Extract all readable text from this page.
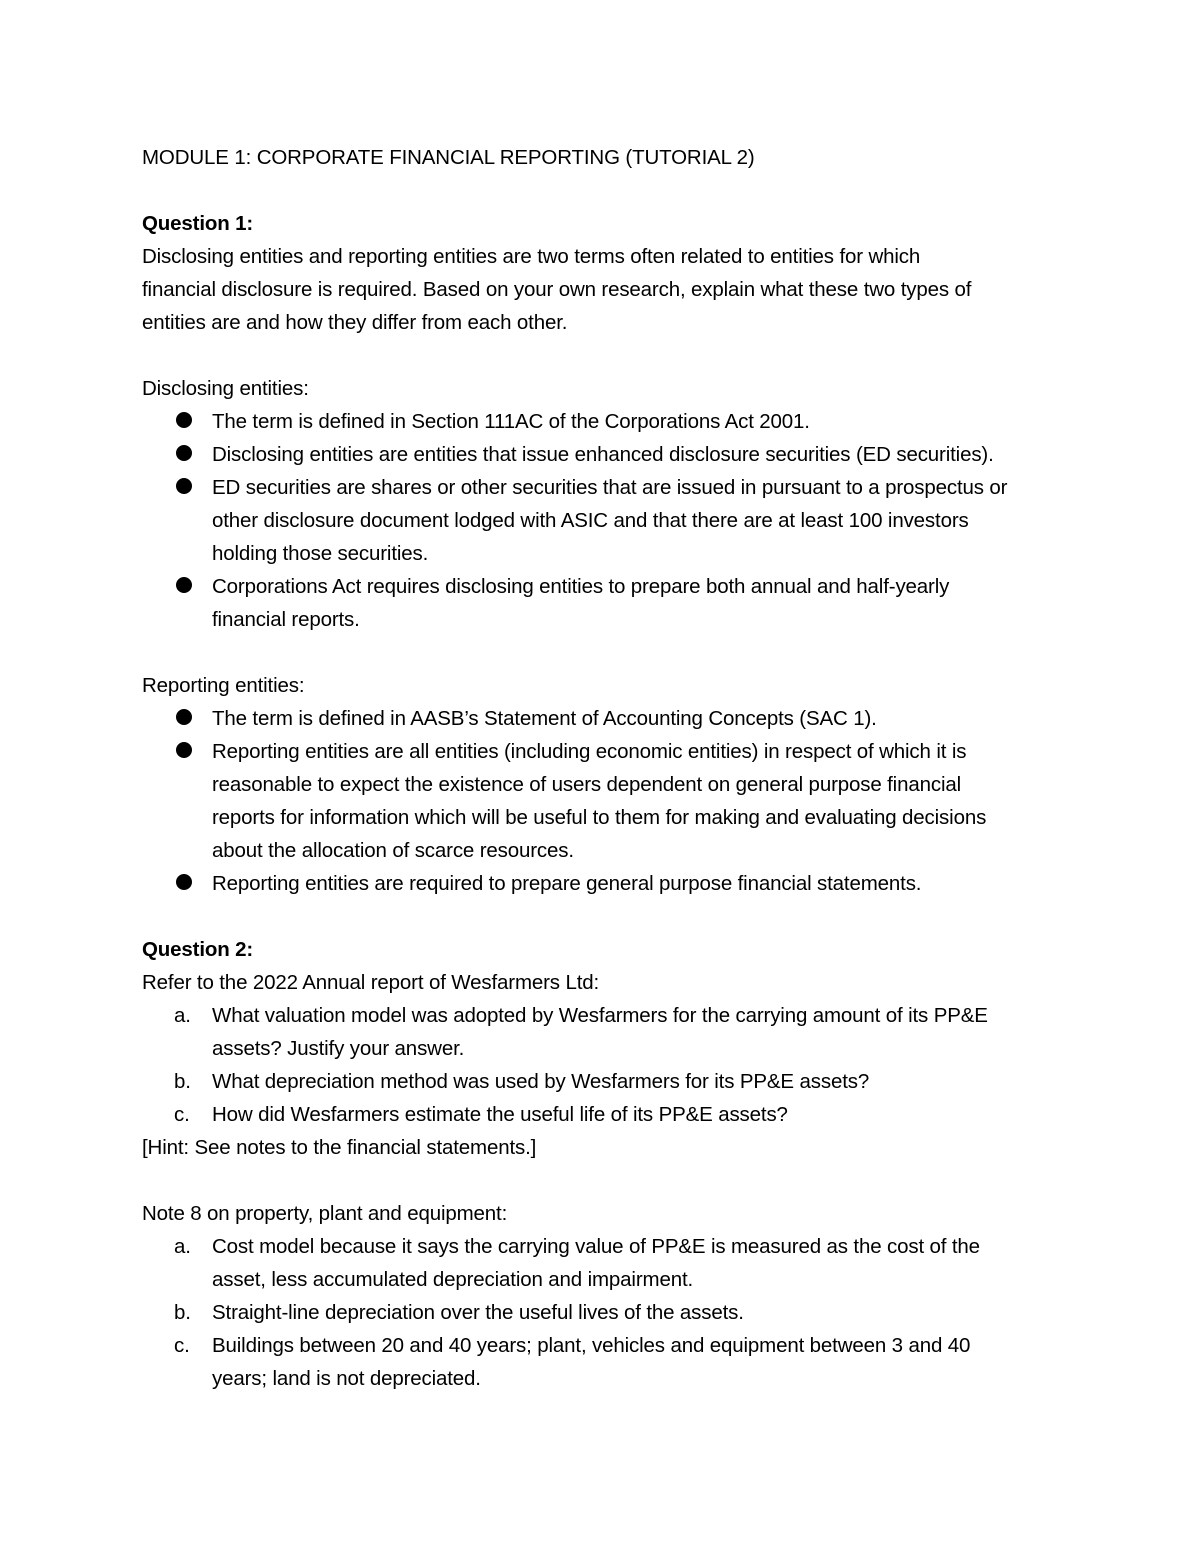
MODULE 1: CORPORATE FINANCIAL REPORTING (TUTORIAL 2)
Question 1:
Disclosing entities and reporting entities are two terms often related to entities for which
financial disclosure is required. Based on your own research, explain what these two types of
entities are and how they differ from each other.
Disclosing entities:
The term is defined in Section 111AC of the Corporations Act 2001.
Disclosing entities are entities that issue enhanced disclosure securities (ED securities).
ED securities are shares or other securities that are issued in pursuant to a prospectus or
other disclosure document lodged with ASIC and that there are at least 100 investors
holding those securities.
Corporations Act requires disclosing entities to prepare both annual and half-yearly
financial reports.
Reporting entities:
The term is defined in AASB’s Statement of Accounting Concepts (SAC 1).
Reporting entities are all entities (including economic entities) in respect of which it is
reasonable to expect the existence of users dependent on general purpose financial
reports for information which will be useful to them for making and evaluating decisions
about the allocation of scarce resources.
Reporting entities are required to prepare general purpose financial statements.
Question 2:
Refer to the 2022 Annual report of Wesfarmers Ltd:
a.	What valuation model was adopted by Wesfarmers for the carrying amount of its PP&E
assets? Justify your answer.
b.	What depreciation method was used by Wesfarmers for its PP&E assets?
c.	How did Wesfarmers estimate the useful life of its PP&E assets?
[Hint: See notes to the financial statements.]
Note 8 on property, plant and equipment:
a.	Cost model because it says the carrying value of PP&E is measured as the cost of the
asset, less accumulated depreciation and impairment.
b.	Straight-line depreciation over the useful lives of the assets.
c.	Buildings between 20 and 40 years; plant, vehicles and equipment between 3 and 40
years; land is not depreciated.
